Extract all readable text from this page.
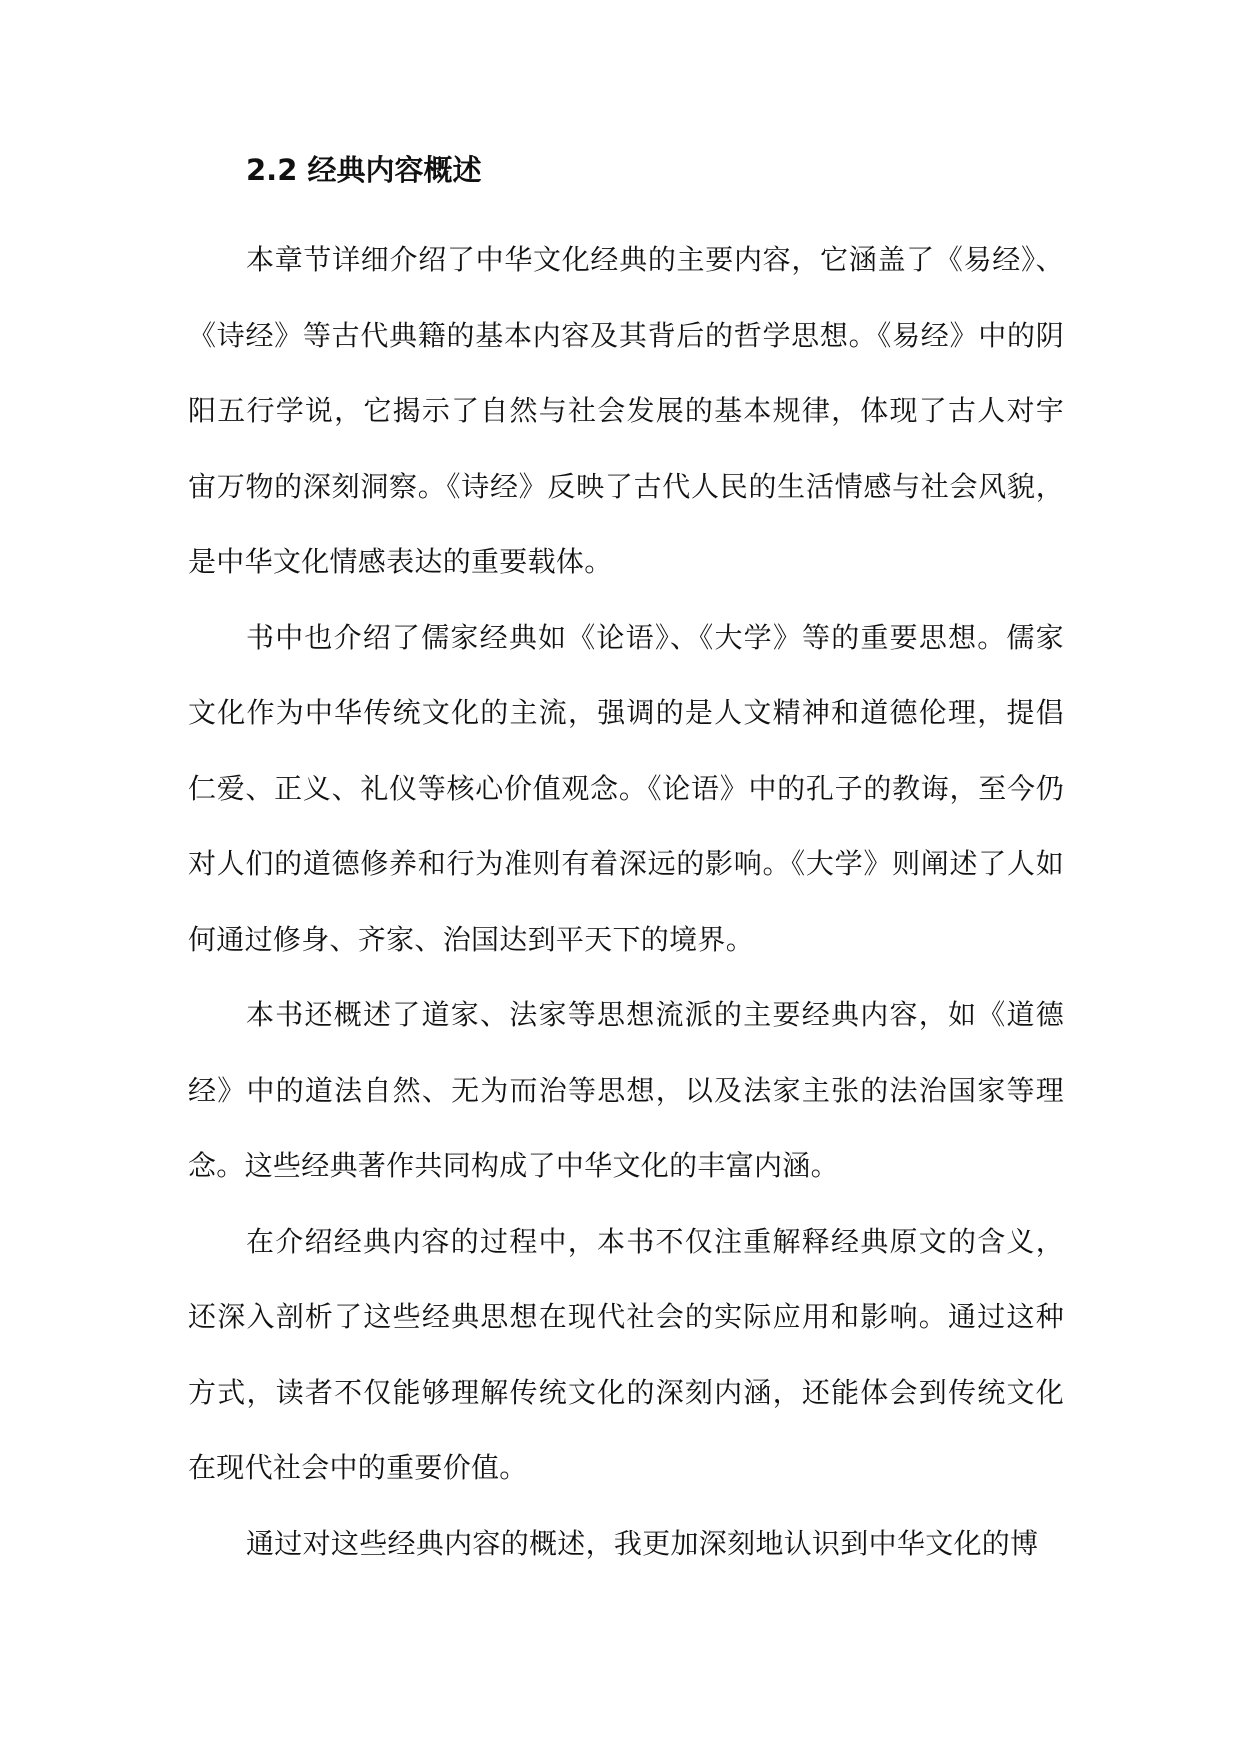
2.2 经典内容概述

本章节详细介绍了中华文化经典的主要内容，它涵盖了《易经》、《诗经》等古代典籍的基本内容及其背后的哲学思想。《易经》中的阴阳五行学说，它揭示了自然与社会发展的基本规律，体现了古人对宇宙万物的深刻洞察。《诗经》反映了古代人民的生活情感与社会风貌，是中华文化情感表达的重要载体。

书中也介绍了儒家经典如《论语》、《大学》等的重要思想。儒家文化作为中华传统文化的主流，强调的是人文精神和道德伦理，提倡仁爱、正义、礼仪等核心价值观念。《论语》中的孔子的教诲，至今仍对人们的道德修养和行为准则有着深远的影响。《大学》则阐述了人如何通过修身、齐家、治国达到平天下的境界。

本书还概述了道家、法家等思想流派的主要经典内容，如《道德经》中的道法自然、无为而治等思想，以及法家主张的法治国家等理念。这些经典著作共同构成了中华文化的丰富内涵。

在介绍经典内容的过程中，本书不仅注重解释经典原文的含义，还深入剖析了这些经典思想在现代社会的实际应用和影响。通过这种方式，读者不仅能够理解传统文化的深刻内涵，还能体会到传统文化在现代社会中的重要价值。

通过对这些经典内容的概述，我更加深刻地认识到中华文化的博
